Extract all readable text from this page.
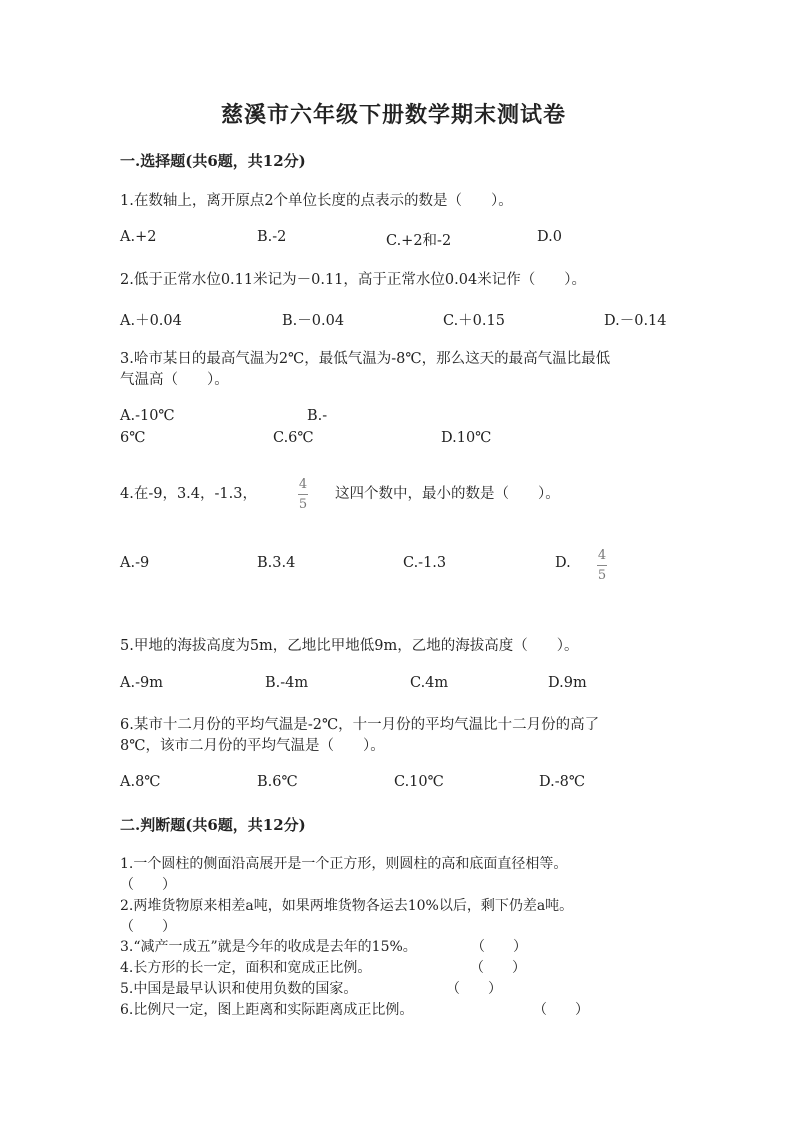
慈溪市六年级下册数学期末测试卷
一.选择题(共6题，共12分)
1.在数轴上，离开原点2个单位长度的点表示的数是（　　）。
A.+2	B.-2	C.+2和-2	D.0
2.低于正常水位0.11米记为－0.11，高于正常水位0.04米记作（　　）。
A.＋0.04	B.－0.04	C.＋0.15	D.－0.14
3.哈市某日的最高气温为2℃，最低气温为-8℃，那么这天的最高气温比最低
气温高（　　）。
A.-10℃	B.-
6℃	C.6℃	D.10℃
4.在-9，3.4，-1.3，
4
5
这四个数中，最小的数是（　　）。
A.-9	B.3.4	C.-1.3	D. 4
5
5.甲地的海拔高度为5m，乙地比甲地低9m，乙地的海拔高度（　　）。
A.-9m	B.-4m	C.4m	D.9m
6.某市十二月份的平均气温是-2℃，十一月份的平均气温比十二月份的高了
8℃，该市二月份的平均气温是（　　）。
A.8℃	B.6℃	C.10℃	D.-8℃
二.判断题(共6题，共12分)
1.一个圆柱的侧面沿高展开是一个正方形，则圆柱的高和底面直径相等。
（　　）
2.两堆货物原来相差a吨，如果两堆货物各运去10%以后，剩下仍差a吨。
（　　）
3.“减产一成五”就是今年的收成是去年的15%。	（　　）
4.长方形的长一定，面积和宽成正比例。	（　　）
5.中国是最早认识和使用负数的国家。	（　　）
6.比例尺一定，图上距离和实际距离成正比例。	（　　）
